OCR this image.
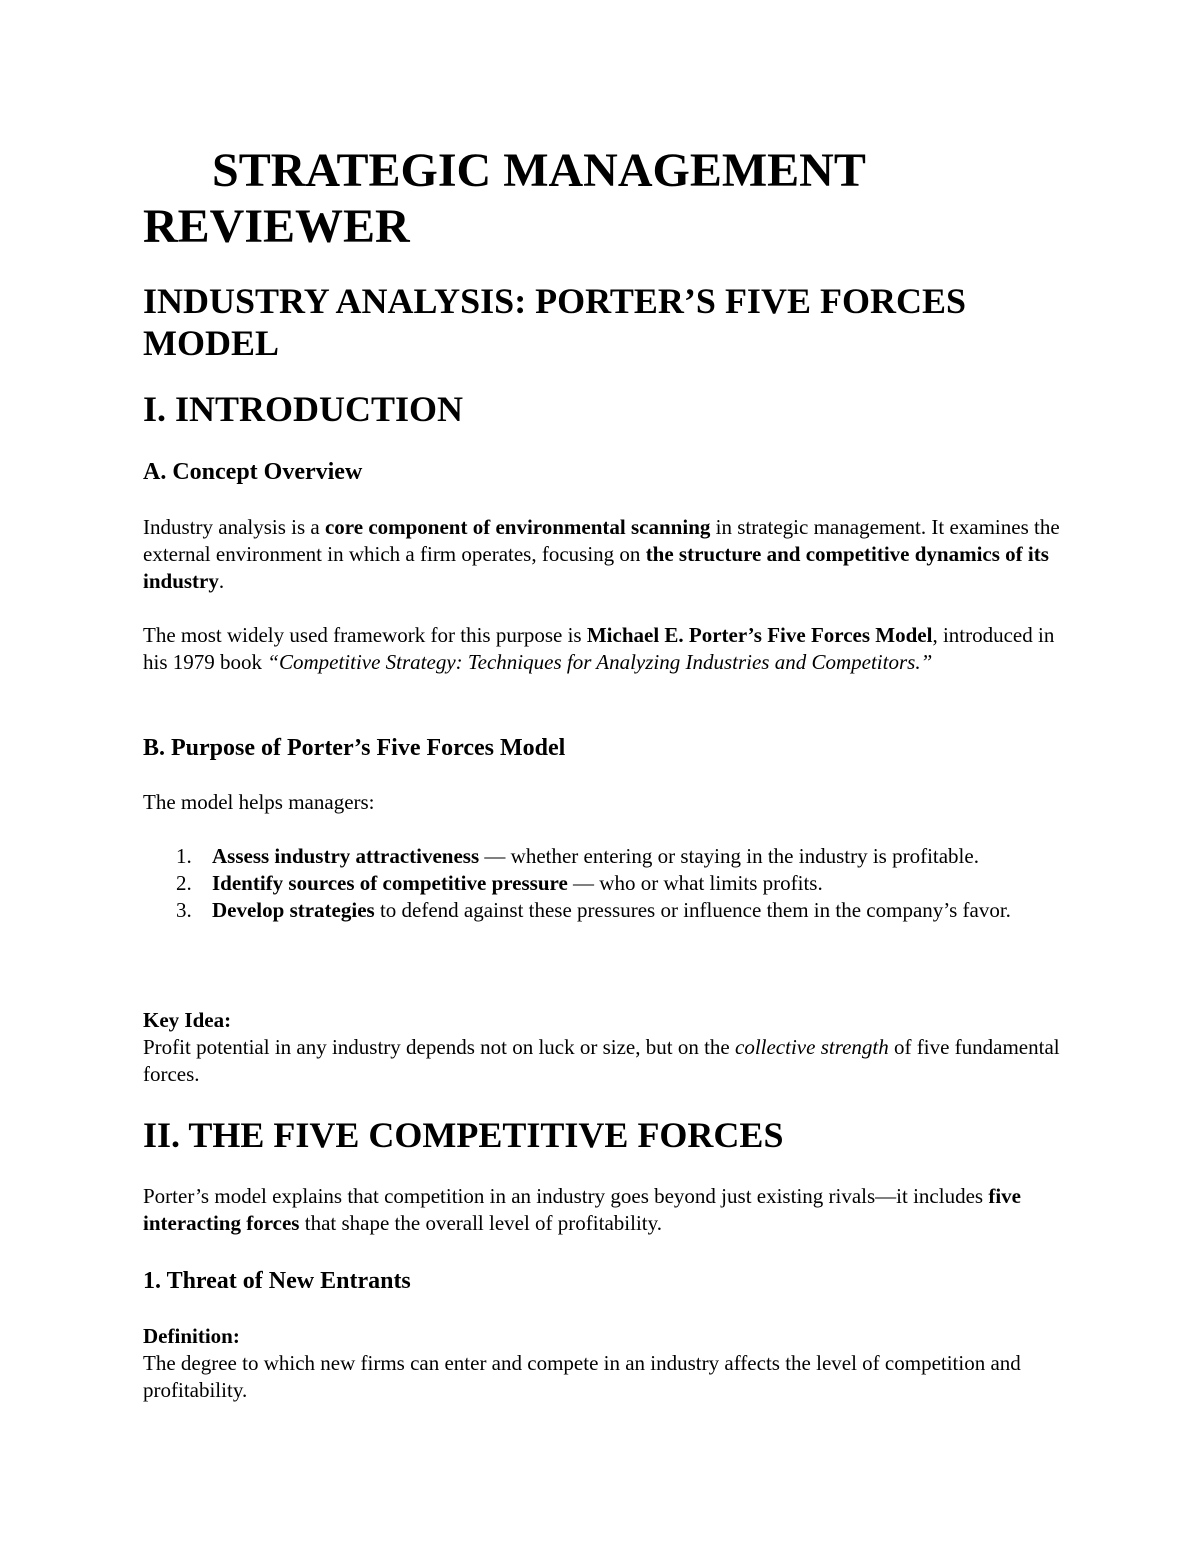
STRATEGIC MANAGEMENT REVIEWER
INDUSTRY ANALYSIS: PORTER’S FIVE FORCES MODEL
I. INTRODUCTION
A. Concept Overview

Industry analysis is a core component of environmental scanning in strategic management. It examines the external environment in which a firm operates, focusing on the structure and competitive dynamics of its industry.

The most widely used framework for this purpose is Michael E. Porter’s Five Forces Model, introduced in his 1979 book “Competitive Strategy: Techniques for Analyzing Industries and Competitors.”

B. Purpose of Porter’s Five Forces Model

The model helps managers:

1. Assess industry attractiveness — whether entering or staying in the industry is profitable.
2. Identify sources of competitive pressure — who or what limits profits.
3. Develop strategies to defend against these pressures or influence them in the company’s favor.

Key Idea:
Profit potential in any industry depends not on luck or size, but on the collective strength of five fundamental forces.

II. THE FIVE COMPETITIVE FORCES

Porter’s model explains that competition in an industry goes beyond just existing rivals—it includes five interacting forces that shape the overall level of profitability.

1. Threat of New Entrants

Definition:
The degree to which new firms can enter and compete in an industry affects the level of competition and profitability.
